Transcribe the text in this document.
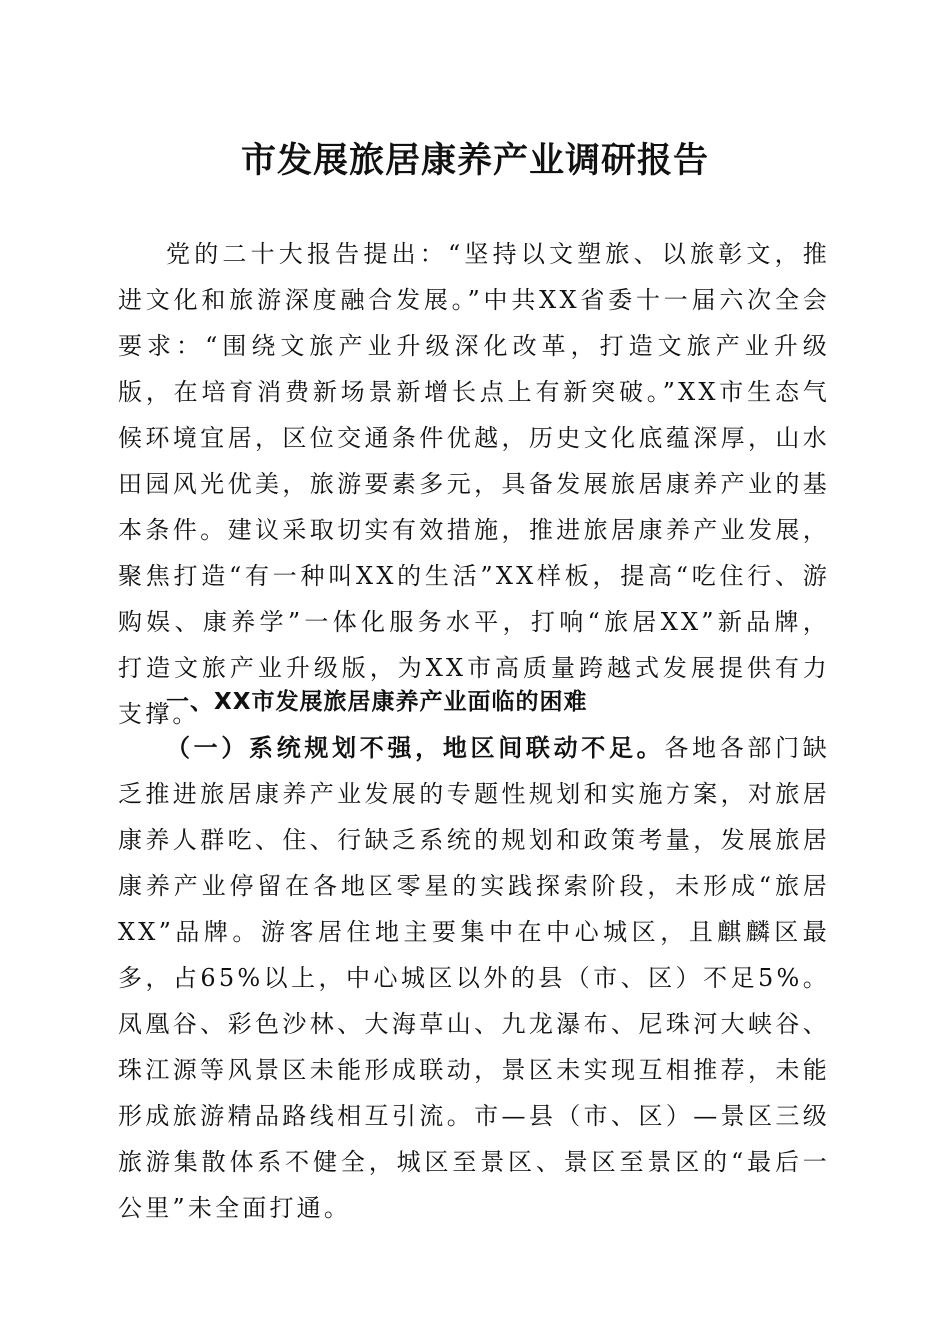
市发展旅居康养产业调研报告

党的二十大报告提出：“坚持以文塑旅、以旅彰文，推进文化和旅游深度融合发展。”中共XX省委十一届六次全会要求：“围绕文旅产业升级深化改革，打造文旅产业升级版，在培育消费新场景新增长点上有新突破。”XX市生态气候环境宜居，区位交通条件优越，历史文化底蕴深厚，山水田园风光优美，旅游要素多元，具备发展旅居康养产业的基本条件。建议采取切实有效措施，推进旅居康养产业发展，聚焦打造“有一种叫XX的生活”XX样板，提高“吃住行、游购娱、康养学”一体化服务水平，打响“旅居XX”新品牌，打造文旅产业升级版，为XX市高质量跨越式发展提供有力支撑。

一、XX市发展旅居康养产业面临的困难

（一）系统规划不强，地区间联动不足。各地各部门缺乏推进旅居康养产业发展的专题性规划和实施方案，对旅居康养人群吃、住、行缺乏系统的规划和政策考量，发展旅居康养产业停留在各地区零星的实践探索阶段，未形成“旅居XX”品牌。游客居住地主要集中在中心城区，且麒麟区最多，占65%以上，中心城区以外的县（市、区）不足5%。凤凰谷、彩色沙林、大海草山、九龙瀑布、尼珠河大峡谷、珠江源等风景区未能形成联动，景区未实现互相推荐，未能形成旅游精品路线相互引流。市—县（市、区）—景区三级旅游集散体系不健全，城区至景区、景区至景区的“最后一公里”未全面打通。
